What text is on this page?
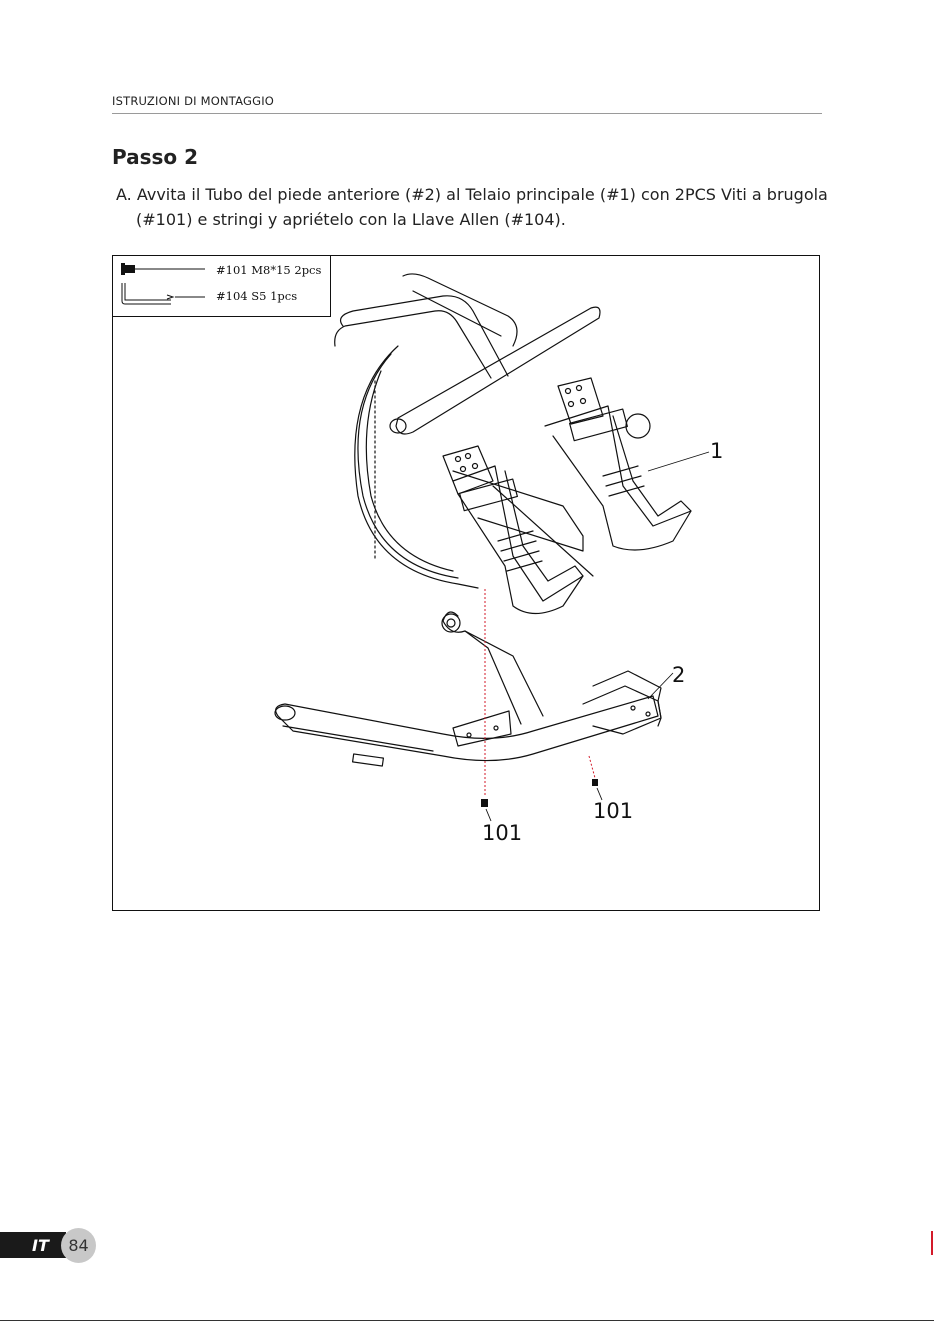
ISTRUZIONI DI MONTAGGIO
Passo 2
A. Avvita il Tubo del piede anteriore (#2) al Telaio principale (#1) con 2PCS Viti a brugola
(#101) e stringi y apriételo con la Llave Allen (#104).
#101 M8*15 2pcs
#104 S5 1pcs
1
2
101
101
IT	84
